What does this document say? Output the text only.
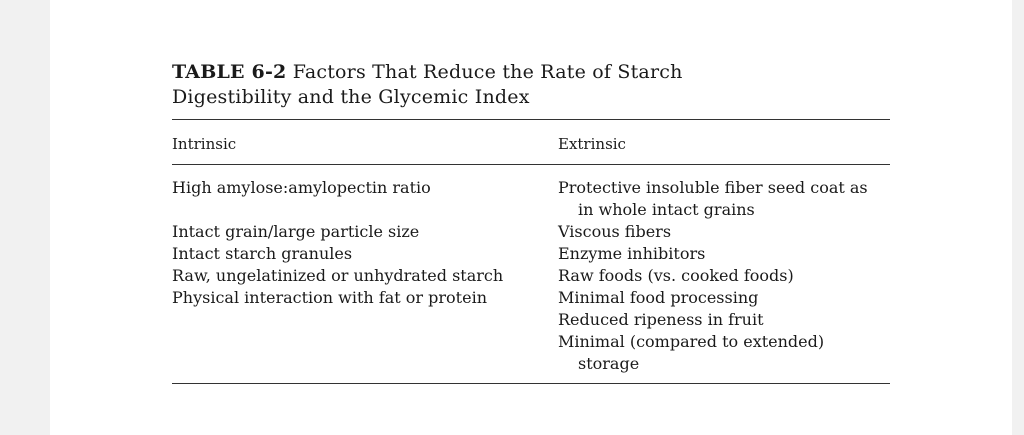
TABLE 6-2 Factors That Reduce the Rate of Starch
Digestibility and the Glycemic Index

Intrinsic	Extrinsic
High amylose:amylopectin ratio
Intact grain/large particle size
Intact starch granules
Raw, ungelatinized or unhydrated starch
Physical interaction with fat or protein
Protective insoluble fiber seed coat as
in whole intact grains
Viscous fibers
Enzyme inhibitors
Raw foods (vs. cooked foods)
Minimal food processing
Reduced ripeness in fruit
Minimal (compared to extended)
storage
